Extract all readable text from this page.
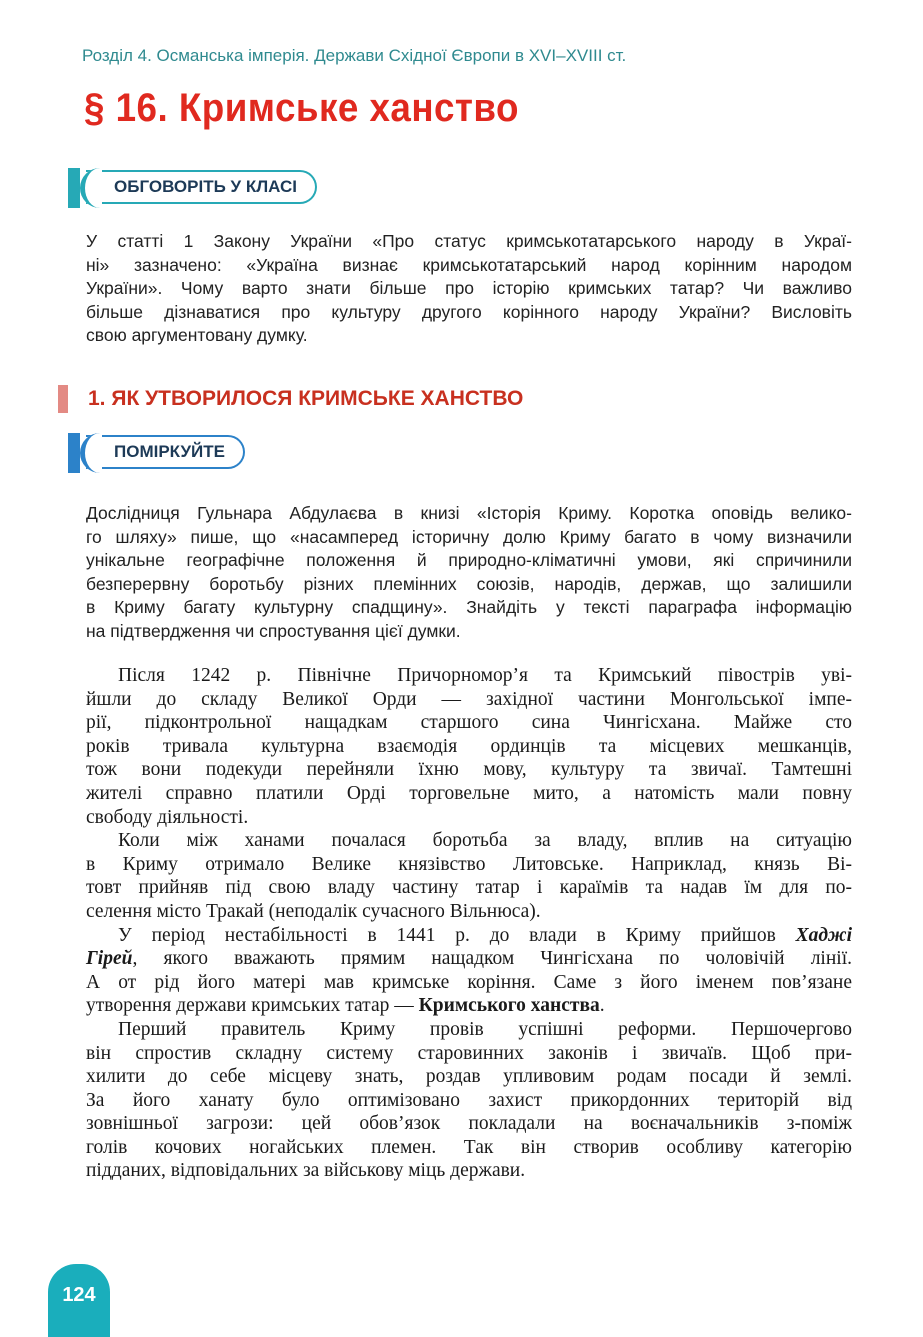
Розділ 4. Османська імперія. Держави Східної Європи в XVI–XVIII ст.
§ 16. Кримське ханство
ОБГОВОРІТЬ У КЛАСІ
У статті 1 Закону України «Про статус кримськотатарського народу в Украї-
ні» зазначено: «Україна визнає кримськотатарський народ корінним народом
України». Чому варто знати більше про історію кримських татар? Чи важливо
більше дізнаватися про культуру другого корінного народу України? Висловіть
свою аргументовану думку.
1. ЯК УТВОРИЛОСЯ КРИМСЬКЕ ХАНСТВО
ПОМІРКУЙТЕ
Дослідниця Гульнара Абдулаєва в книзі «Історія Криму. Коротка оповідь велико-
го шляху» пише, що «насамперед історичну долю Криму багато в чому визначили
унікальне географічне положення й природно-кліматичні умови, які спричинили
безперервну боротьбу різних племінних союзів, народів, держав, що залишили
в Криму багату культурну спадщину». Знайдіть у тексті параграфа інформацію
на підтвердження чи спростування цієї думки.
Після 1242 р. Північне Причорномор’я та Кримський півострів уві-
йшли до складу Великої Орди — західної частини Монгольської імпе-
рії, підконтрольної нащадкам старшого сина Чингісхана. Майже сто
років тривала культурна взаємодія ординців та місцевих мешканців,
тож вони подекуди перейняли їхню мову, культуру та звичаї. Тамтешні
жителі справно платили Орді торговельне мито, а натомість мали повну
свободу діяльності.
Коли між ханами почалася боротьба за владу, вплив на ситуацію
в Криму отримало Велике князівство Литовське. Наприклад, князь Ві-
товт прийняв під свою владу частину татар і караїмів та надав їм для по-
селення місто Тракай (неподалік сучасного Вільнюса).
У період нестабільності в 1441 р. до влади в Криму прийшов Хаджі
Гірей, якого вважають прямим нащадком Чингісхана по чоловічій лінії.
А от рід його матері мав кримське коріння. Саме з його іменем пов’язане
утворення держави кримських татар — Кримського ханства.
Перший правитель Криму провів успішні реформи. Першочергово
він спростив складну систему старовинних законів і звичаїв. Щоб при-
хилити до себе місцеву знать, роздав упливовим родам посади й землі.
За його ханату було оптимізовано захист прикордонних територій від
зовнішньої загрози: цей обов’язок покладали на воєначальників з-поміж
голів кочових ногайських племен. Так він створив особливу категорію
підданих, відповідальних за військову міць держави.
124
